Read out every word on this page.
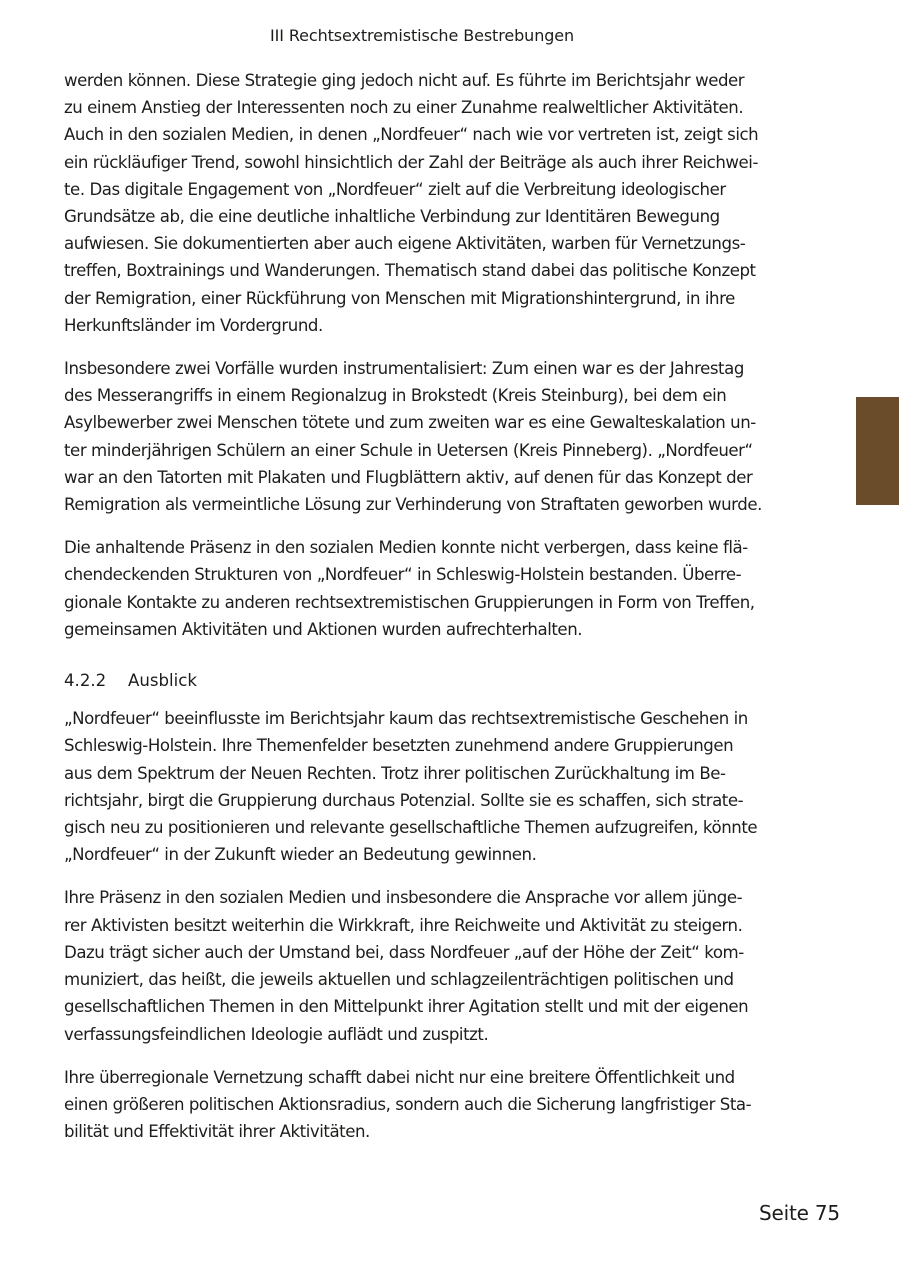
III Rechtsextremistische Bestrebungen
werden können. Diese Strategie ging jedoch nicht auf. Es führte im Berichtsjahr weder
zu einem Anstieg der Interessenten noch zu einer Zunahme realweltlicher Aktivitäten.
Auch in den sozialen Medien, in denen „Nordfeuer“ nach wie vor vertreten ist, zeigt sich
ein rückläufiger Trend, sowohl hinsichtlich der Zahl der Beiträge als auch ihrer Reichwei-
te. Das digitale Engagement von „Nordfeuer“ zielt auf die Verbreitung ideologischer
Grundsätze ab, die eine deutliche inhaltliche Verbindung zur Identitären Bewegung
aufwiesen. Sie dokumentierten aber auch eigene Aktivitäten, warben für Vernetzungs-
treffen, Boxtrainings und Wanderungen. Thematisch stand dabei das politische Konzept
der Remigration, einer Rückführung von Menschen mit Migrationshintergrund, in ihre
Herkunftsländer im Vordergrund.
Insbesondere zwei Vorfälle wurden instrumentalisiert: Zum einen war es der Jahrestag
des Messerangriffs in einem Regionalzug in Brokstedt (Kreis Steinburg), bei dem ein
Asylbewerber zwei Menschen tötete und zum zweiten war es eine Gewalteskalation un-
ter minderjährigen Schülern an einer Schule in Uetersen (Kreis Pinneberg). „Nordfeuer“
war an den Tatorten mit Plakaten und Flugblättern aktiv, auf denen für das Konzept der
Remigration als vermeintliche Lösung zur Verhinderung von Straftaten geworben wurde.
Die anhaltende Präsenz in den sozialen Medien konnte nicht verbergen, dass keine flä-
chendeckenden Strukturen von „Nordfeuer“ in Schleswig-Holstein bestanden. Überre-
gionale Kontakte zu anderen rechtsextremistischen Gruppierungen in Form von Treffen,
gemeinsamen Aktivitäten und Aktionen wurden aufrechterhalten.
4.2.2 Ausblick
„Nordfeuer“ beeinflusste im Berichtsjahr kaum das rechtsextremistische Geschehen in
Schleswig-Holstein. Ihre Themenfelder besetzten zunehmend andere Gruppierungen
aus dem Spektrum der Neuen Rechten. Trotz ihrer politischen Zurückhaltung im Be-
richtsjahr, birgt die Gruppierung durchaus Potenzial. Sollte sie es schaffen, sich strate-
gisch neu zu positionieren und relevante gesellschaftliche Themen aufzugreifen, könnte
„Nordfeuer“ in der Zukunft wieder an Bedeutung gewinnen.
Ihre Präsenz in den sozialen Medien und insbesondere die Ansprache vor allem jünge-
rer Aktivisten besitzt weiterhin die Wirkkraft, ihre Reichweite und Aktivität zu steigern.
Dazu trägt sicher auch der Umstand bei, dass Nordfeuer „auf der Höhe der Zeit“ kom-
muniziert, das heißt, die jeweils aktuellen und schlagzeilenträchtigen politischen und
gesellschaftlichen Themen in den Mittelpunkt ihrer Agitation stellt und mit der eigenen
verfassungsfeindlichen Ideologie auflädt und zuspitzt.
Ihre überregionale Vernetzung schafft dabei nicht nur eine breitere Öffentlichkeit und
einen größeren politischen Aktionsradius, sondern auch die Sicherung langfristiger Sta-
bilität und Effektivität ihrer Aktivitäten.
Seite 75
